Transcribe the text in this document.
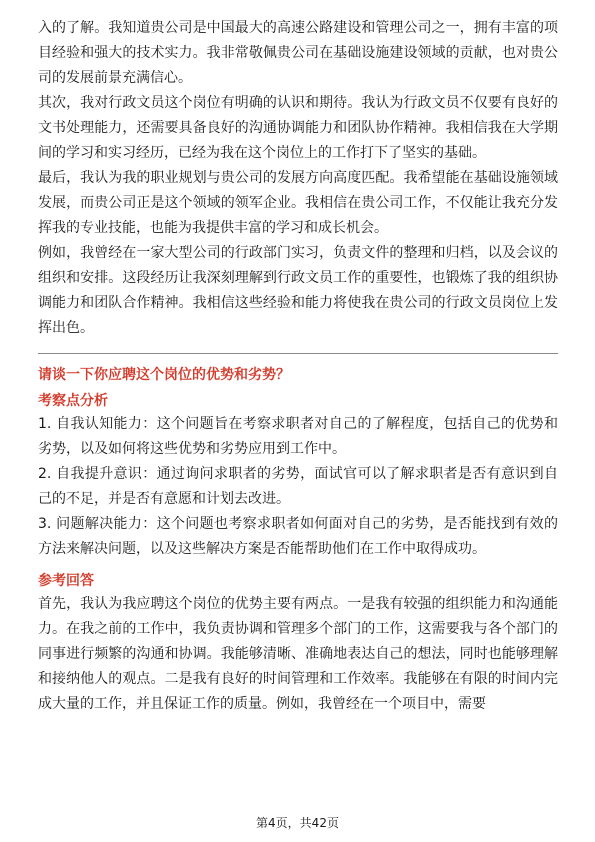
入的了解。我知道贵公司是中国最大的高速公路建设和管理公司之一，拥有丰富的项目经验和强大的技术实力。我非常敬佩贵公司在基础设施建设领域的贡献，也对贵公司的发展前景充满信心。

其次，我对行政文员这个岗位有明确的认识和期待。我认为行政文员不仅要有良好的文书处理能力，还需要具备良好的沟通协调能力和团队协作精神。我相信我在大学期间的学习和实习经历，已经为我在这个岗位上的工作打下了坚实的基础。

最后，我认为我的职业规划与贵公司的发展方向高度匹配。我希望能在基础设施领域发展，而贵公司正是这个领域的领军企业。我相信在贵公司工作，不仅能让我充分发挥我的专业技能，也能为我提供丰富的学习和成长机会。

例如，我曾经在一家大型公司的行政部门实习，负责文件的整理和归档，以及会议的组织和安排。这段经历让我深刻理解到行政文员工作的重要性，也锻炼了我的组织协调能力和团队合作精神。我相信这些经验和能力将使我在贵公司的行政文员岗位上发挥出色。

请谈一下你应聘这个岗位的优势和劣势？

考察点分析

1. 自我认知能力：这个问题旨在考察求职者对自己的了解程度，包括自己的优势和劣势，以及如何将这些优势和劣势应用到工作中。

2. 自我提升意识：通过询问求职者的劣势，面试官可以了解求职者是否有意识到自己的不足，并是否有意愿和计划去改进。

3. 问题解决能力：这个问题也考察求职者如何面对自己的劣势，是否能找到有效的方法来解决问题，以及这些解决方案是否能帮助他们在工作中取得成功。

参考回答

首先，我认为我应聘这个岗位的优势主要有两点。一是我有较强的组织能力和沟通能力。在我之前的工作中，我负责协调和管理多个部门的工作，这需要我与各个部门的同事进行频繁的沟通和协调。我能够清晰、准确地表达自己的想法，同时也能够理解和接纳他人的观点。二是我有良好的时间管理和工作效率。我能够在有限的时间内完成大量的工作，并且保证工作的质量。例如，我曾经在一个项目中，需要

第4页，共42页
